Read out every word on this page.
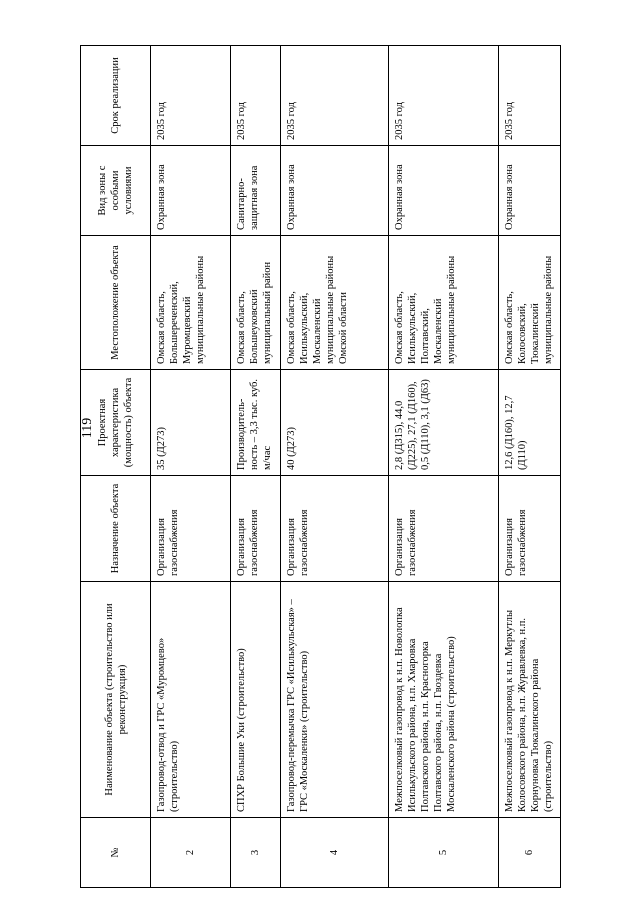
119
№	Наименование объекта (строительство или реконструкция)	Назначение объекта	Проектная характеристика (мощность) объекта	Местоположение объекта	Вид зоны с особыми условиями	Срок реализации
2	Газопровод-отвод и ГРС «Муромцево» (строительство)	Организация газоснабжения	35 (Д273)	Омская область, Большереченский, Муромцевский муниципальные районы	Охранная зона	2035 год
3	СПХР Большие Уки (строительство)	Организация газоснабжения	Производитель-ность – 3,3 тыс. куб. м/час	Омская область, Большеуковский муниципальный район	Санитарно-защитная зона	2035 год
4	Газопровод-перемычка ГРС «Исилькульская» – ГРС «Москаленки» (строительство)	Организация газоснабжения	40 (Д273)	Омская область, Исилькульский, Москаленский муниципальные районы Омской области	Охранная зона	2035 год
5	Межпоселковый газопровод к н.п. Новолопка Исилькульского района, н.п. Хмаровка Полтавского района, н.п. Красногорка Полтавского района, н.п. Гвоздевка Москаленского района (строительство)	Организация газоснабжения	2,8 (Д315), 44,0 (Д225), 27,1 (Д160), 0,5 (Д110), 3,1 (Д63)	Омская область, Исилькульский, Полтавский, Москаленский муниципальные районы	Охранная зона	2035 год
6	Межпоселковый газопровод к н.п. Меркутлы Колосовского района, н.п. Журавлевка, н.п. Корнуновка Тюкалинского района (строительство)	Организация газоснабжения	12,6 (Д160), 12,7 (Д110)	Омская область, Колосовский, Тюкалинский муниципальные районы	Охранная зона	2035 год
